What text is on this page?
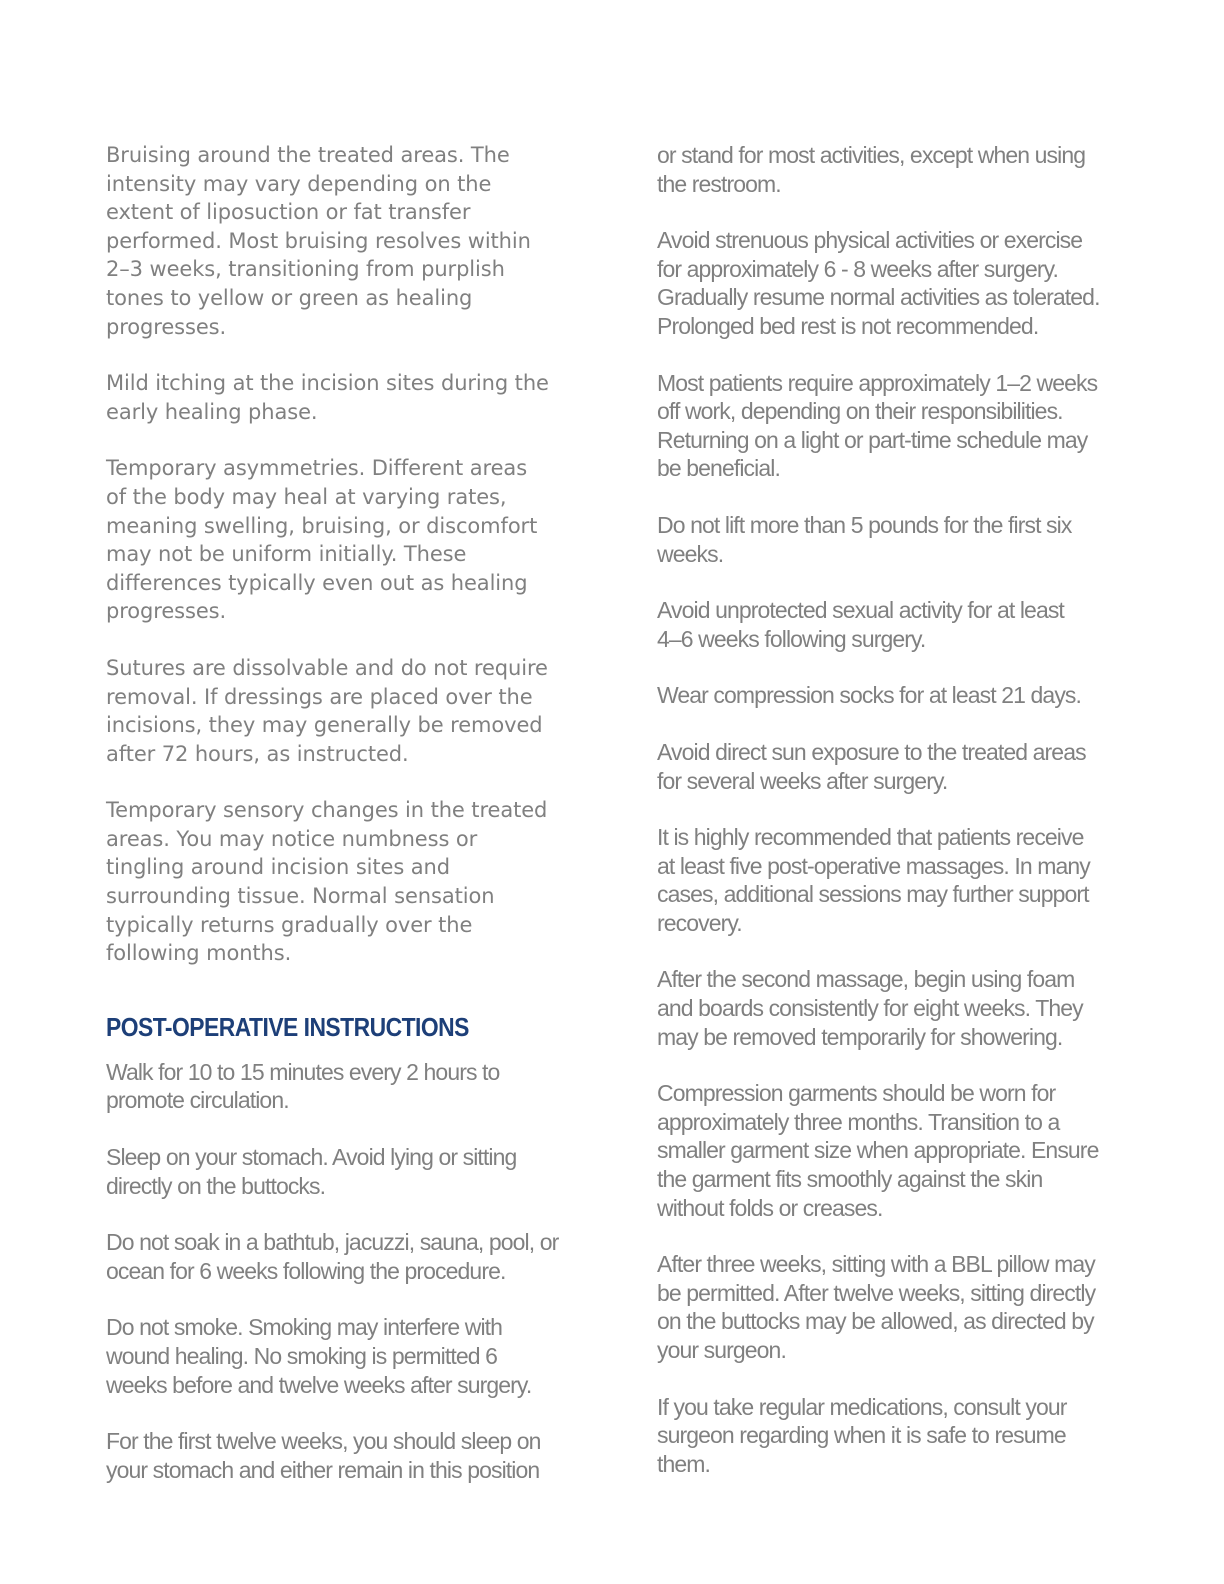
Bruising around the treated areas. The
intensity may vary depending on the
extent of liposuction or fat transfer
performed. Most bruising resolves within
2–3 weeks, transitioning from purplish
tones to yellow or green as healing
progresses.

Mild itching at the incision sites during the
early healing phase.

Temporary asymmetries. Different areas
of the body may heal at varying rates,
meaning swelling, bruising, or discomfort
may not be uniform initially. These
differences typically even out as healing
progresses.

Sutures are dissolvable and do not require
removal. If dressings are placed over the
incisions, they may generally be removed
after 72 hours, as instructed.

Temporary sensory changes in the treated
areas. You may notice numbness or
tingling around incision sites and
surrounding tissue. Normal sensation
typically returns gradually over the
following months.

POST-OPERATIVE INSTRUCTIONS

Walk for 10 to 15 minutes every 2 hours to
promote circulation.

Sleep on your stomach. Avoid lying or sitting
directly on the buttocks.

Do not soak in a bathtub, jacuzzi, sauna, pool, or
ocean for 6 weeks following the procedure.

Do not smoke. Smoking may interfere with
wound healing. No smoking is permitted 6
weeks before and twelve weeks after surgery.

For the first twelve weeks, you should sleep on
your stomach and either remain in this position

or stand for most activities, except when using
the restroom.

Avoid strenuous physical activities or exercise
for approximately 6 - 8 weeks after surgery.
Gradually resume normal activities as tolerated.
Prolonged bed rest is not recommended.

Most patients require approximately 1–2 weeks
off work, depending on their responsibilities.
Returning on a light or part-time schedule may
be beneficial.

Do not lift more than 5 pounds for the first six
weeks.

Avoid unprotected sexual activity for at least
4–6 weeks following surgery.

Wear compression socks for at least 21 days.

Avoid direct sun exposure to the treated areas
for several weeks after surgery.

It is highly recommended that patients receive
at least five post-operative massages. In many
cases, additional sessions may further support
recovery.

After the second massage, begin using foam
and boards consistently for eight weeks. They
may be removed temporarily for showering.

Compression garments should be worn for
approximately three months. Transition to a
smaller garment size when appropriate. Ensure
the garment fits smoothly against the skin
without folds or creases.

After three weeks, sitting with a BBL pillow may
be permitted. After twelve weeks, sitting directly
on the buttocks may be allowed, as directed by
your surgeon.

If you take regular medications, consult your
surgeon regarding when it is safe to resume
them.
